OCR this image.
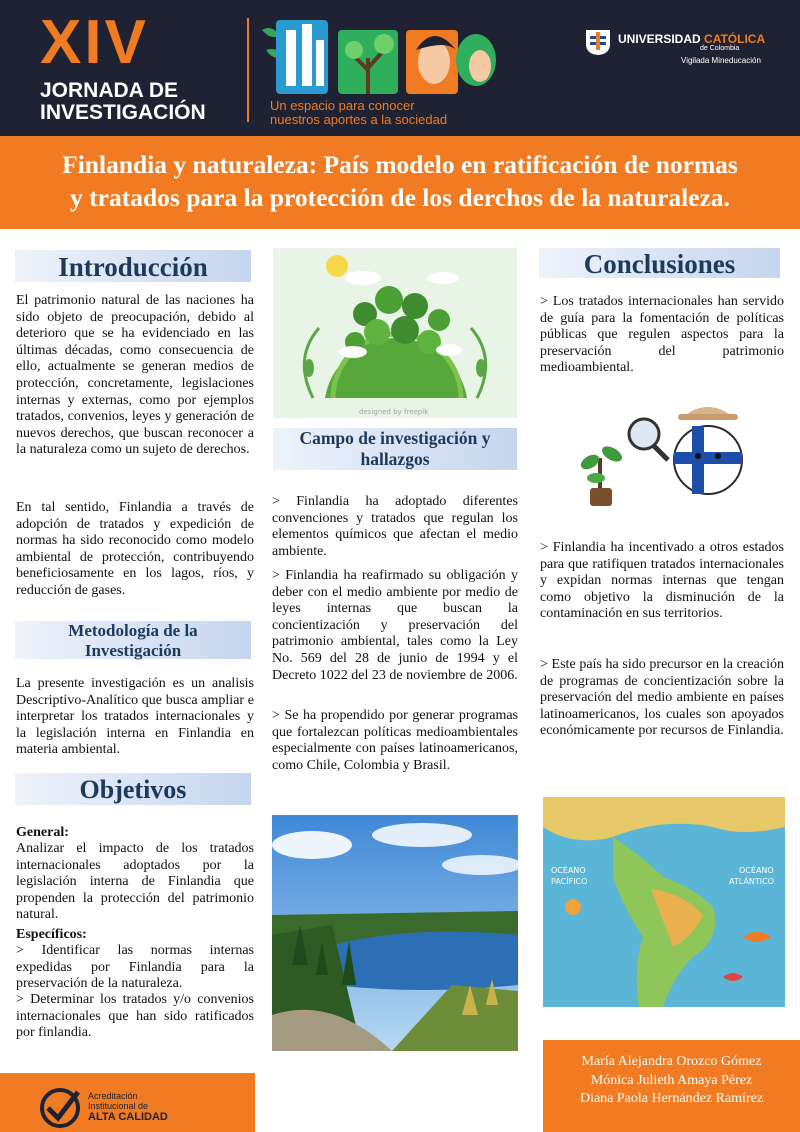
XIV
JORNADA DE
INVESTIGACIÓN	Un espacio para conocer
nuestros aportes a la sociedad
UNIVERSIDAD CATÓLICA
de Colombia
Vigilada Mineducación
Finlandia y naturaleza: País modelo en ratificación de normas
y tratados para la protección de los derchos de la naturaleza.
Introducción
El patrimonio natural de las naciones ha sido objeto de preocupación, debido al deterioro que se ha evidenciado en las últimas décadas, como consecuencia de ello, actualmente se generan medios de protección, concretamente, legislaciones internas y externas, como por ejemplos tratados, convenios, leyes y generación de nuevos derechos, que buscan reconocer a la naturaleza como un sujeto de derechos.
En tal sentido, Finlandia a través de adopción de tratados y expedición de normas ha sido reconocido como modelo ambiental de protección, contribuyendo beneficiosamente en los lagos, ríos, y reducción de gases.
Metodología de la
Investigación
La presente investigación es un analisis Descriptivo-Analítico que busca ampliar e interpretar los tratados internacionales y la legislación interna en Finlandia en materia ambiental.
Objetivos
General:
Analizar el impacto de los tratados internacionales adoptados por la legislación interna de Finlandia que propenden la protección del patrimonio natural.
Específicos:
> Identificar las normas internas expedidas por Finlandia para la preservación de la naturaleza.
> Determinar los tratados y/o convenios internacionales que han sido ratificados por finlandia.
designed by freepik
Campo de investigación y
hallazgos
> Finlandia ha adoptado diferentes convenciones y tratados que regulan los elementos químicos que afectan el medio ambiente.
> Finlandia ha reafirmado su obligación y deber con el medio ambiente por medio de leyes internas que buscan la concientización y preservación del patrimonio ambiental, tales como la Ley No. 569 del 28 de junio de 1994 y el Decreto 1022 del 23 de noviembre de 2006.
> Se ha propendido por generar programas que fortalezcan políticas medioambientales especialmente con países latinoamericanos, como Chile, Colombia y Brasil.
Conclusiones
> Los tratados internacionales han servido de guía para la fomentación de políticas públicas que regulen aspectos para la preservación del patrimonio medioambiental.
> Finlandia ha incentivado a otros estados para que ratifiquen tratados internacionales y expidan normas internas que tengan como objetivo la disminución de la contaminación en sus territorios.
> Este país ha sido precursor en la creación de programas de concientización sobre la preservación del medio ambiente en países latinoamericanos, los cuales son apoyados económicamente por recursos de Finlandia.
OCÉANO
PACÍFICO
OCÉANO
ATLÁNTICO
María Alejandra Orozco Gómez
Mónica Julieth Amaya Pérez
Diana Paola Hernández Ramírez
Acreditación
Institucional de
ALTA CALIDAD
